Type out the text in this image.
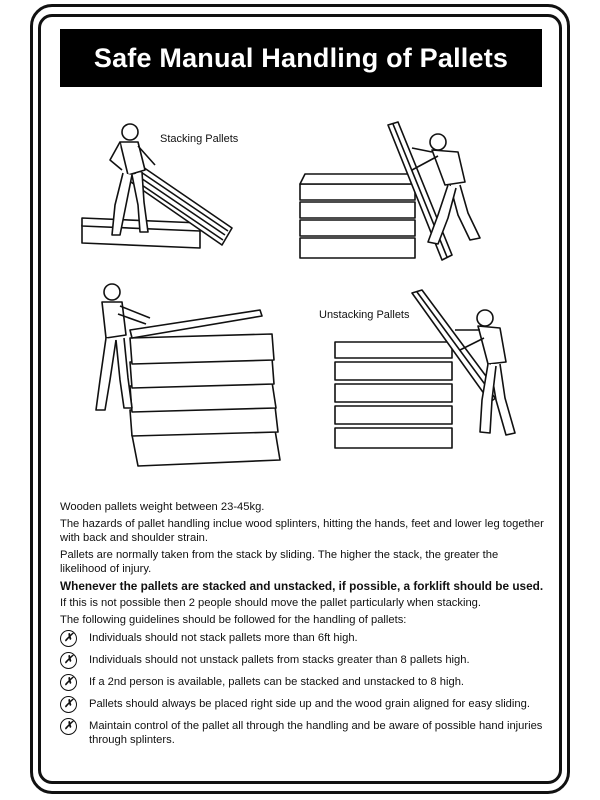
Safe Manual Handling of Pallets
Stacking Pallets
Unstacking Pallets

Wooden pallets weight between 23-45kg.

The hazards of pallet handling inclue wood splinters, hitting the hands, feet and lower leg together with back and shoulder strain.

Pallets are normally taken from the stack by sliding. The higher the stack, the greater the likelihood of injury.

Whenever the pallets are stacked and unstacked, if possible, a forklift should be used.

If this is not possible then 2 people should move the pallet particularly when stacking.

The following guidelines should be followed for the handling of pallets:

✗	Individuals should not stack pallets more than 6ft high.
✗	Individuals should not unstack pallets from stacks greater than 8 pallets high.
✗	If a 2nd person is available, pallets can be stacked and unstacked to 8 high.
✗	Pallets should always be placed right side up and the wood grain aligned for easy sliding.
✗	Maintain control of the pallet all through the handling and be aware of possible hand injuries through splinters.
